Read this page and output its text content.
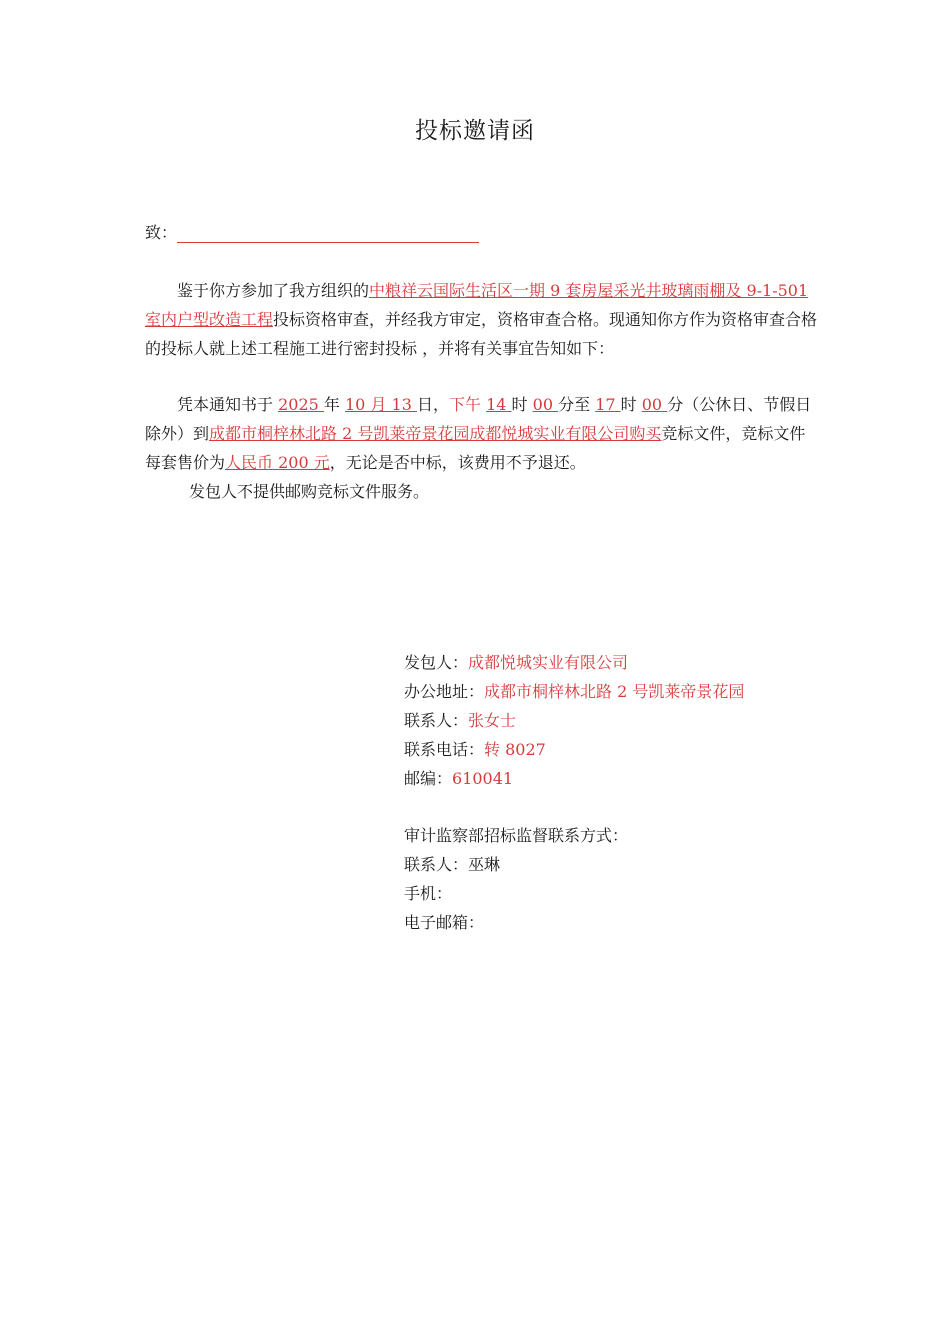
投标邀请函
致：

鉴于你方参加了我方组织的中粮祥云国际生活区一期 9 套房屋采光井玻璃雨棚及 9-1-501 室内户型改造工程投标资格审查，并经我方审定，资格审查合格。现通知你方作为资格审查合格的投标人就上述工程施工进行密封投标 ，并将有关事宜告知如下：

凭本通知书于 2025 年 10 月 13 日，下午 14 时 00 分至 17 时 00 分（公休日、节假日除外）到成都市桐梓林北路 2 号凯莱帝景花园成都悦城实业有限公司购买竞标文件，竞标文件每套售价为人民币 200 元，无论是否中标，该费用不予退还。

发包人不提供邮购竞标文件服务。

发包人：成都悦城实业有限公司
办公地址：成都市桐梓林北路 2 号凯莱帝景花园
联系人：张女士
联系电话：转 8027
邮编：610041
审计监察部招标监督联系方式：
联系人：巫琳
手机：
电子邮箱：
